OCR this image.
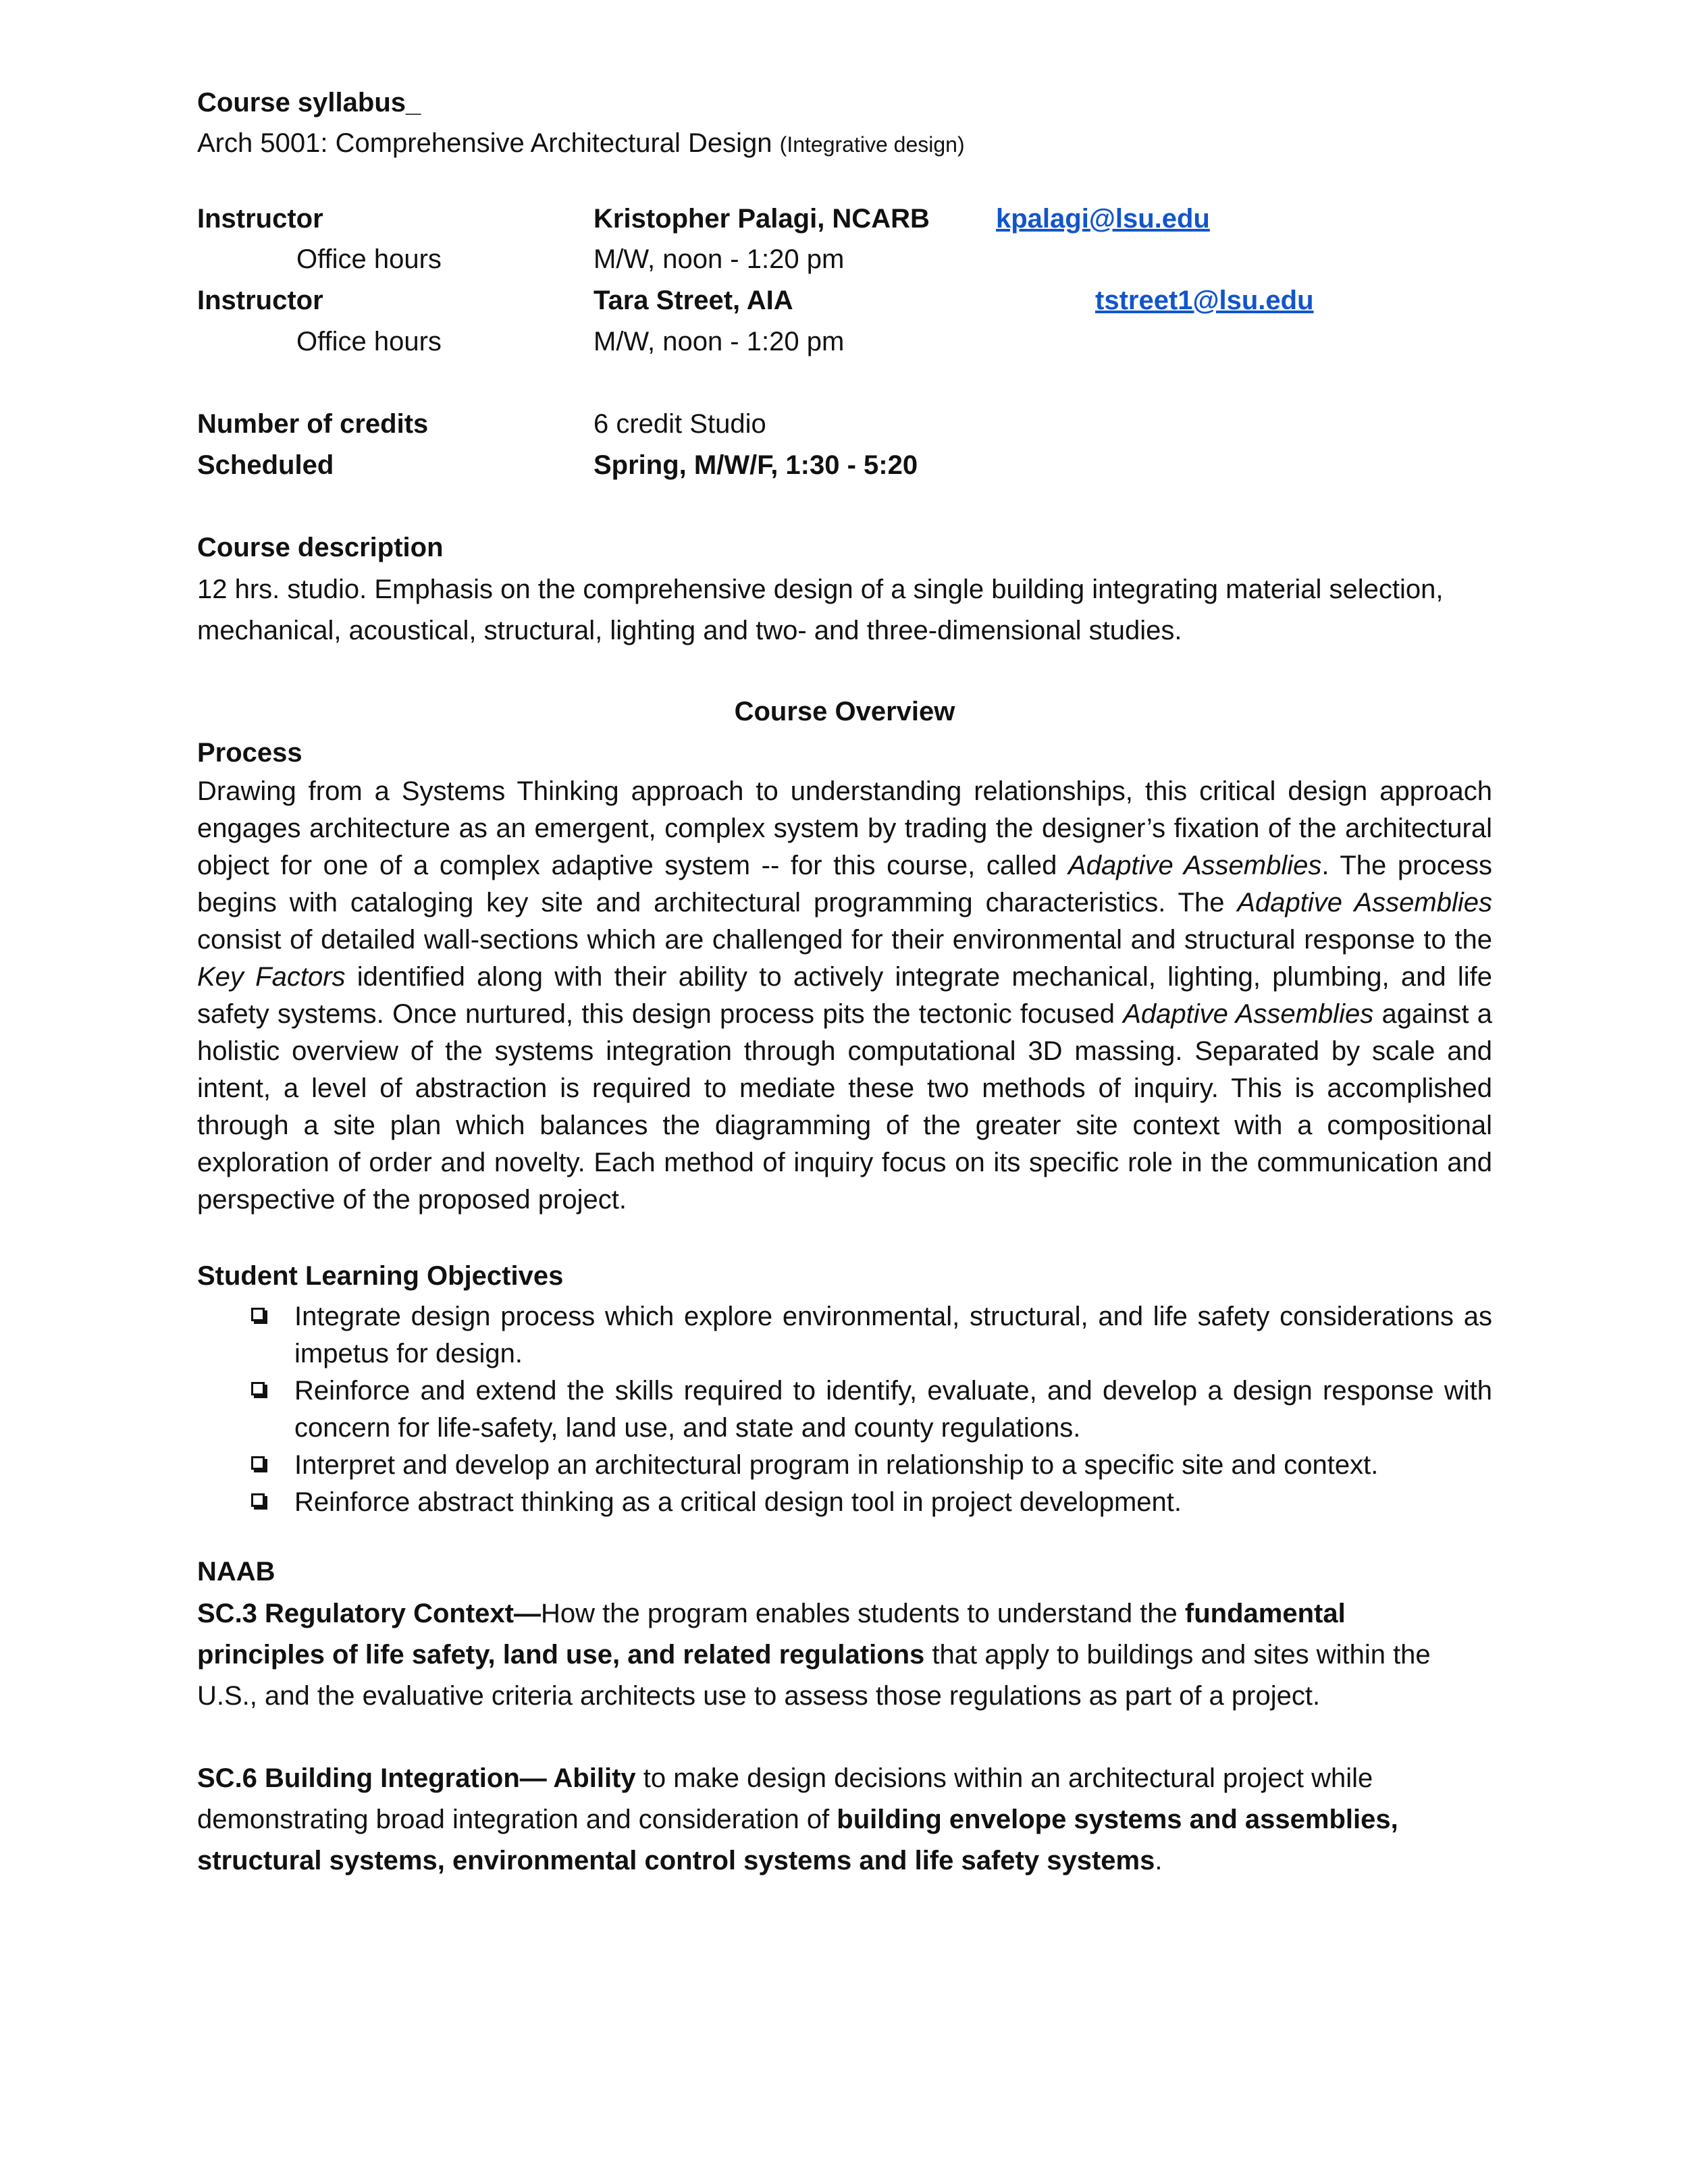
Course syllabus_
Arch 5001: Comprehensive Architectural Design (Integrative design)
Instructor	Kristopher Palagi, NCARB kpalagi@lsu.edu
Office hours	M/W, noon - 1:20 pm
Instructor	Tara Street, AIA	tstreet1@lsu.edu
Office hours	M/W, noon - 1:20 pm
Number of credits	6 credit Studio
Scheduled	Spring, M/W/F, 1:30 - 5:20
Course description
12 hrs. studio. Emphasis on the comprehensive design of a single building integrating material selection, mechanical, acoustical, structural, lighting and two- and three-dimensional studies.
Course Overview
Process
Drawing from a Systems Thinking approach to understanding relationships, this critical design approach engages architecture as an emergent, complex system by trading the designer’s fixation of the architectural object for one of a complex adaptive system -- for this course, called Adaptive Assemblies. The process begins with cataloging key site and architectural programming characteristics. The Adaptive Assemblies consist of detailed wall-sections which are challenged for their environmental and structural response to the Key Factors identified along with their ability to actively integrate mechanical, lighting, plumbing, and life safety systems. Once nurtured, this design process pits the tectonic focused Adaptive Assemblies against a holistic overview of the systems integration through computational 3D massing. Separated by scale and intent, a level of abstraction is required to mediate these two methods of inquiry. This is accomplished through a site plan which balances the diagramming of the greater site context with a compositional exploration of order and novelty. Each method of inquiry focus on its specific role in the communication and perspective of the proposed project.
Student Learning Objectives
Integrate design process which explore environmental, structural, and life safety considerations as impetus for design.
Reinforce and extend the skills required to identify, evaluate, and develop a design response with concern for life-safety, land use, and state and county regulations.
Interpret and develop an architectural program in relationship to a specific site and context.
Reinforce abstract thinking as a critical design tool in project development.
NAAB
SC.3 Regulatory Context—How the program enables students to understand the fundamental principles of life safety, land use, and related regulations that apply to buildings and sites within the U.S., and the evaluative criteria architects use to assess those regulations as part of a project.
SC.6 Building Integration— Ability to make design decisions within an architectural project while demonstrating broad integration and consideration of building envelope systems and assemblies, structural systems, environmental control systems and life safety systems.
